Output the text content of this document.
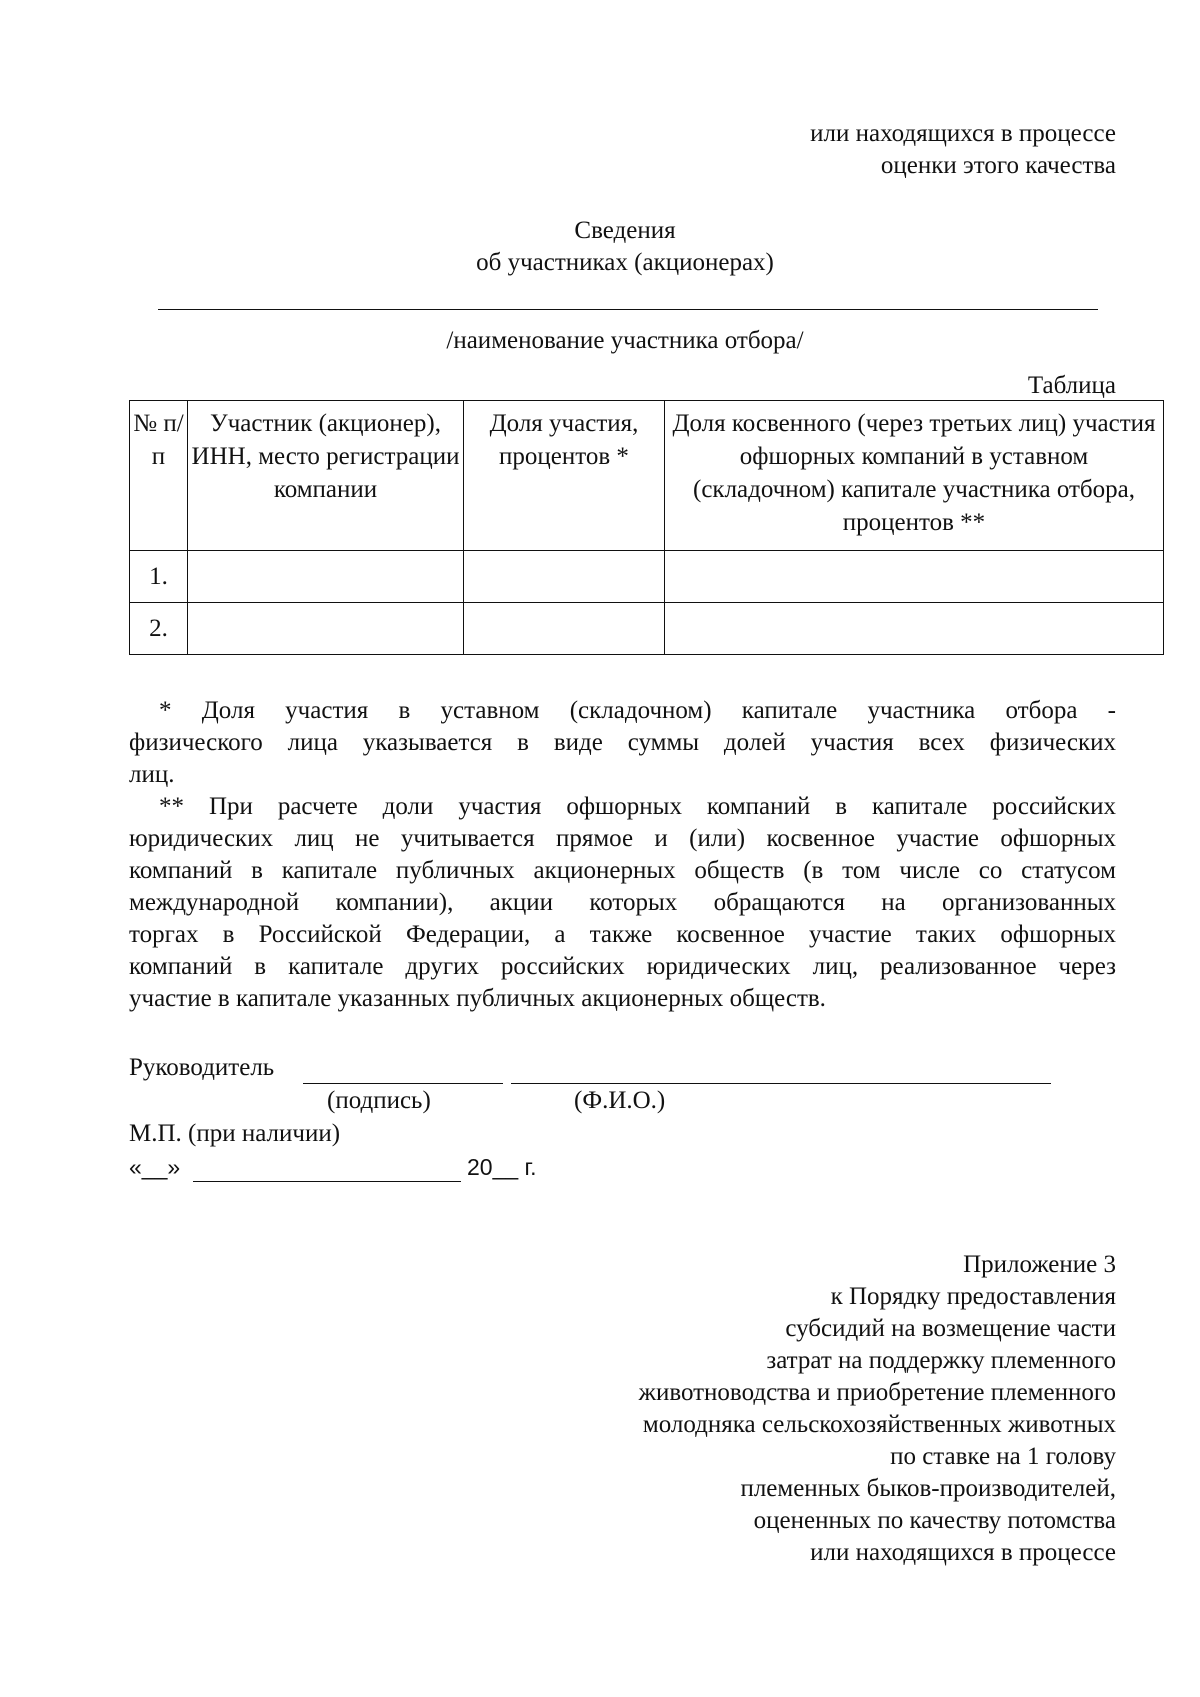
или находящихся в процессе
оценки этого качества
Сведения
об участниках (акционерах)
/наименование участника отбора/
Таблица
№ п/п	Участник (акционер), ИНН, место регистрации компании	Доля участия, процентов *	Доля косвенного (через третьих лиц) участия офшорных компаний в уставном (складочном) капитале участника отбора, процентов **
1.			
2.			
* Доля участия в уставном (складочном) капитале участника отбора -
физического лица указывается в виде суммы долей участия всех физических
лиц.
** При расчете доли участия офшорных компаний в капитале российских
юридических лиц не учитывается прямое и (или) косвенное участие офшорных
компаний в капитале публичных акционерных обществ (в том числе со статусом
международной компании), акции которых обращаются на организованных
торгах в Российской Федерации, а также косвенное участие таких офшорных
компаний в капитале других российских юридических лиц, реализованное через
участие в капитале указанных публичных акционерных обществ.
Руководитель
(подпись)	(Ф.И.О.)
М.П. (при наличии)
«__»	20__ г.
Приложение 3
к Порядку предоставления
субсидий на возмещение части
затрат на поддержку племенного
животноводства и приобретение племенного
молодняка сельскохозяйственных животных
по ставке на 1 голову
племенных быков-производителей,
оцененных по качеству потомства
или находящихся в процессе
